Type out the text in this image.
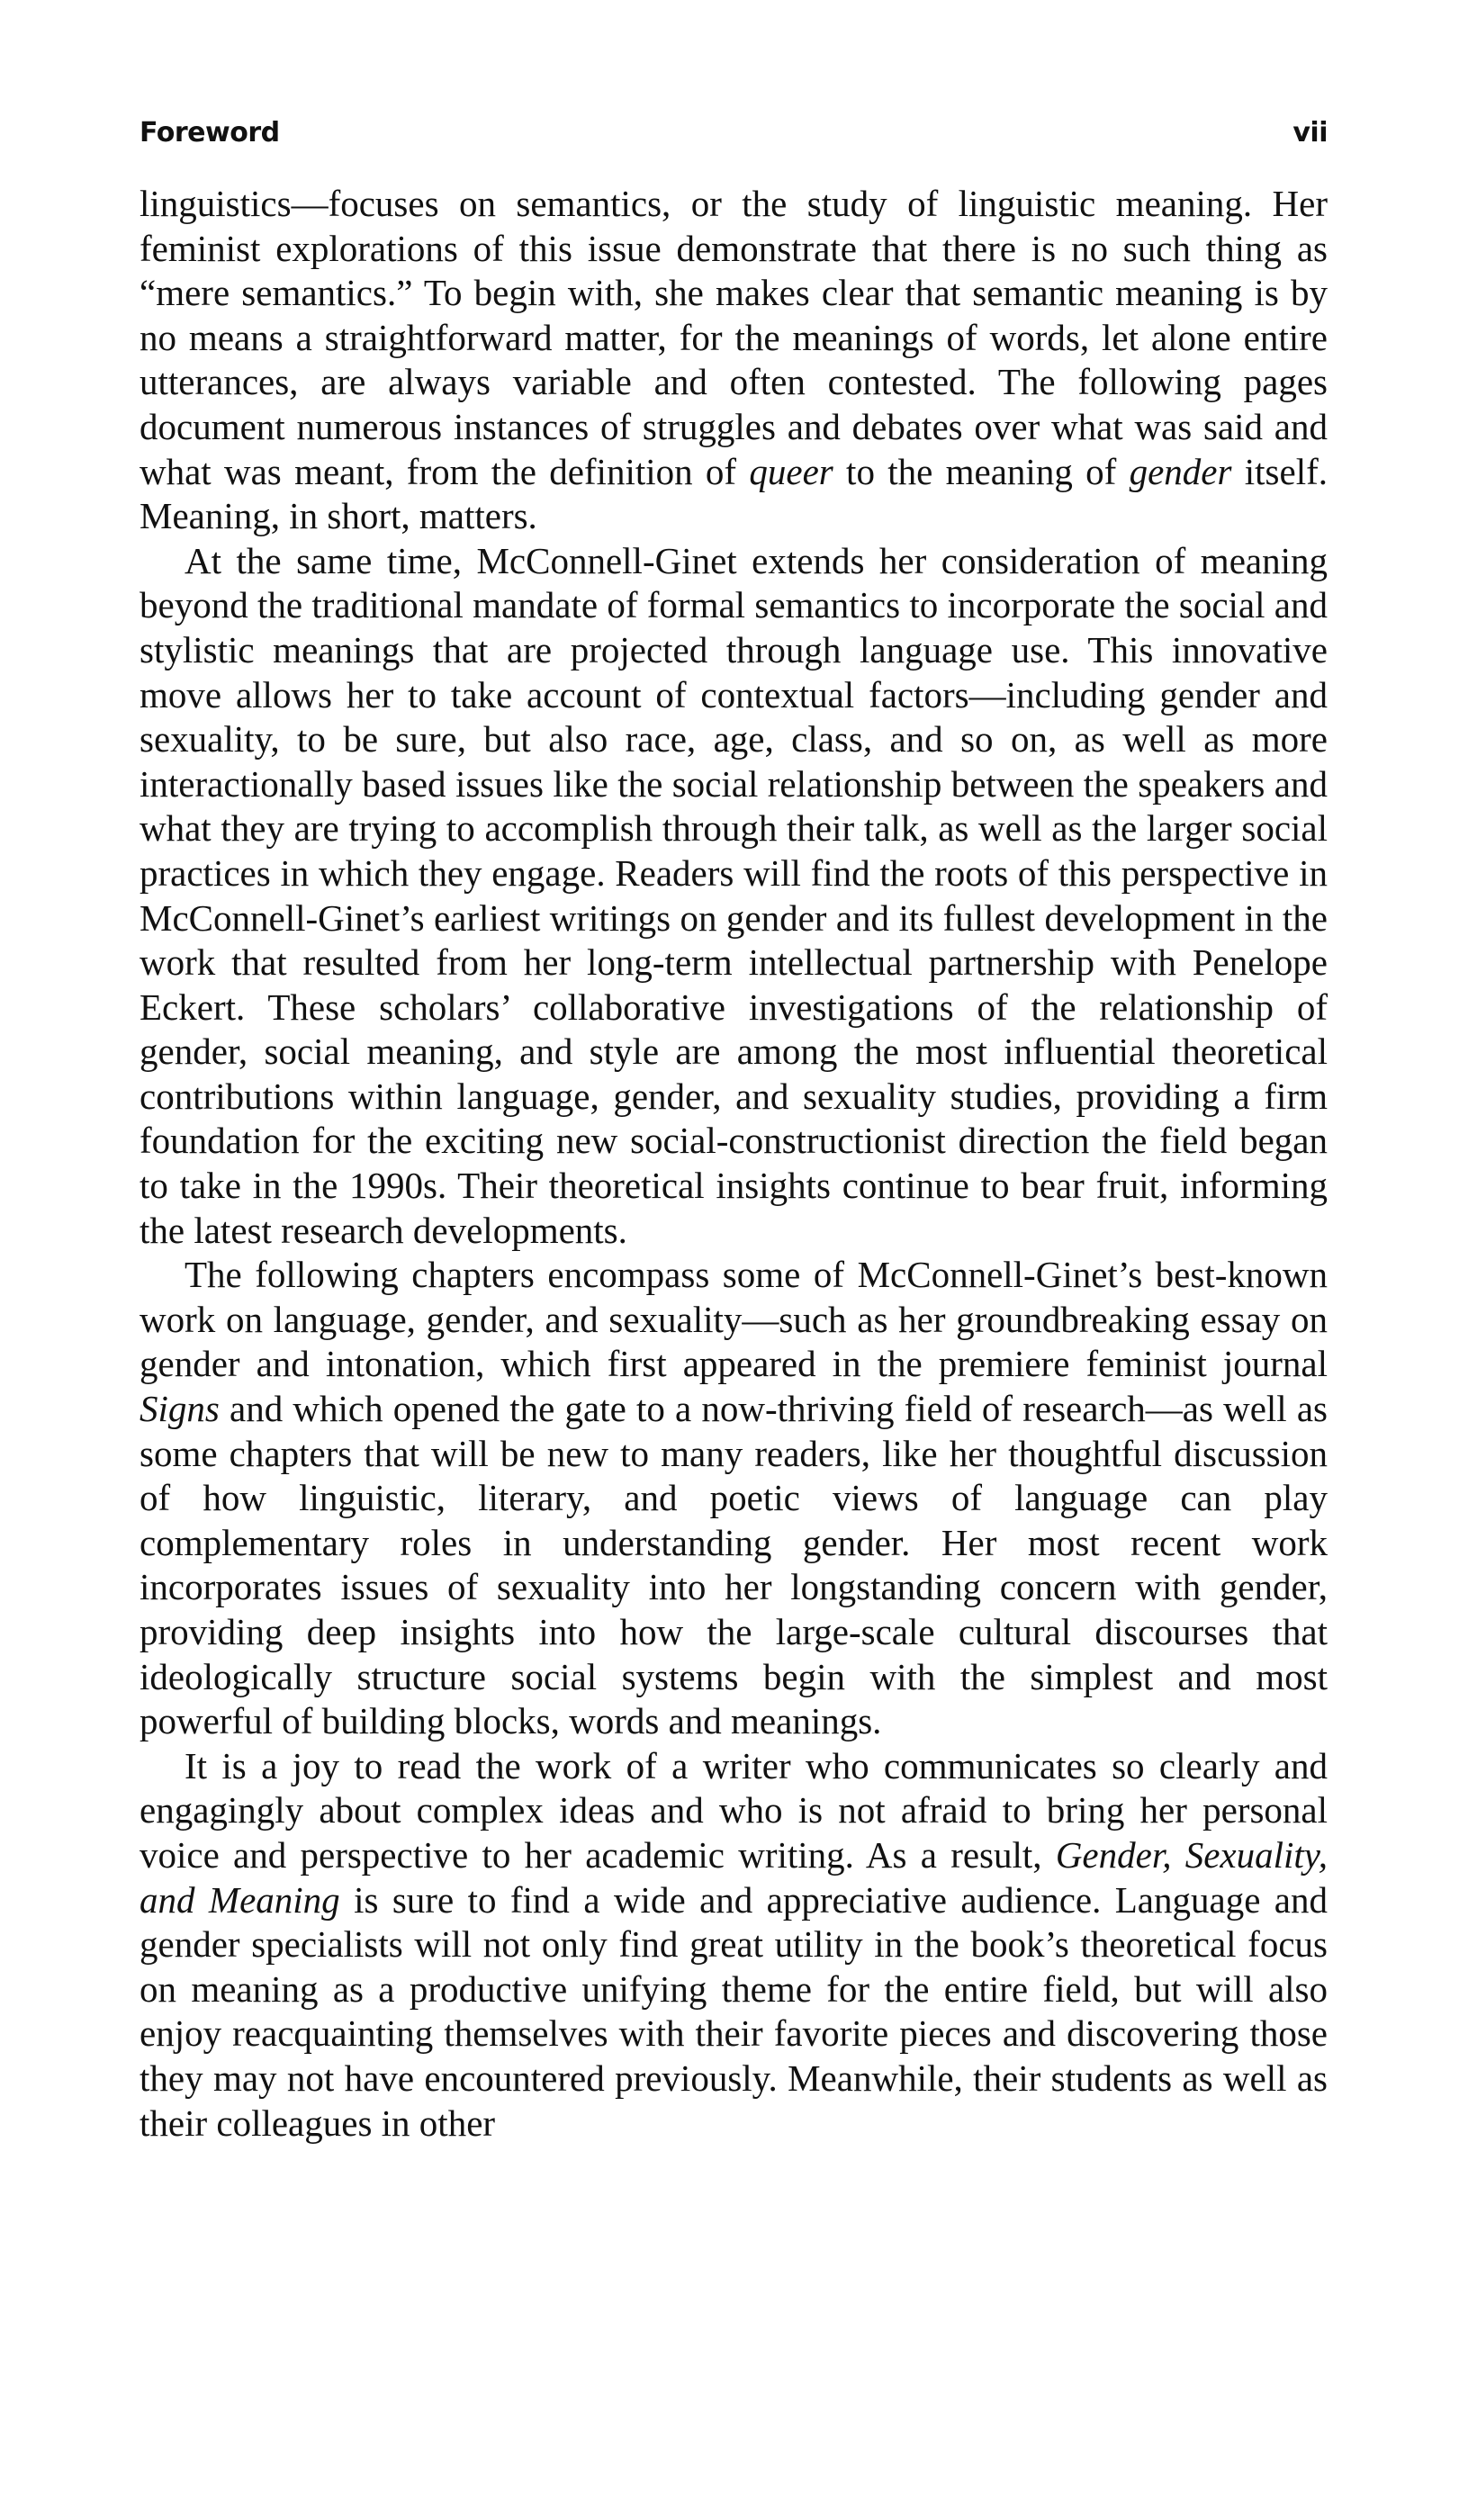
Foreword	vii

linguistics—focuses on semantics, or the study of linguistic meaning. Her feminist explorations of this issue demonstrate that there is no such thing as “mere semantics.” To begin with, she makes clear that semantic meaning is by no means a straightforward matter, for the meanings of words, let alone entire utterances, are always variable and often contested. The following pages document numerous instances of struggles and debates over what was said and what was meant, from the definition of queer to the meaning of gender itself. Meaning, in short, matters.

At the same time, McConnell-Ginet extends her consideration of meaning beyond the traditional mandate of formal semantics to incorporate the social and stylistic meanings that are projected through language use. This innovative move allows her to take account of contextual factors—including gender and sexuality, to be sure, but also race, age, class, and so on, as well as more interactionally based issues like the social relationship between the speakers and what they are trying to accomplish through their talk, as well as the larger social practices in which they engage. Readers will find the roots of this perspective in McConnell-Ginet’s earliest writings on gender and its fullest development in the work that resulted from her long-term intellectual partnership with Penelope Eckert. These scholars’ collaborative investigations of the relationship of gender, social meaning, and style are among the most influential theoretical contributions within language, gender, and sexuality studies, providing a firm foundation for the exciting new social-constructionist direction the field began to take in the 1990s. Their theoretical insights continue to bear fruit, informing the latest research developments.

The following chapters encompass some of McConnell-Ginet’s best-known work on language, gender, and sexuality—such as her groundbreaking essay on gender and intonation, which first appeared in the premiere feminist journal Signs and which opened the gate to a now-thriving field of research—as well as some chapters that will be new to many readers, like her thoughtful discussion of how linguistic, literary, and poetic views of language can play complementary roles in understanding gender. Her most recent work incorporates issues of sexuality into her longstanding concern with gender, providing deep insights into how the large-scale cultural discourses that ideologically structure social systems begin with the simplest and most powerful of building blocks, words and meanings.

It is a joy to read the work of a writer who communicates so clearly and engagingly about complex ideas and who is not afraid to bring her personal voice and perspective to her academic writing. As a result, Gender, Sexuality, and Meaning is sure to find a wide and appreciative audience. Language and gender specialists will not only find great utility in the book’s theoretical focus on meaning as a productive unifying theme for the entire field, but will also enjoy reacquainting themselves with their favorite pieces and discovering those they may not have encountered previously. Meanwhile, their students as well as their colleagues in other
